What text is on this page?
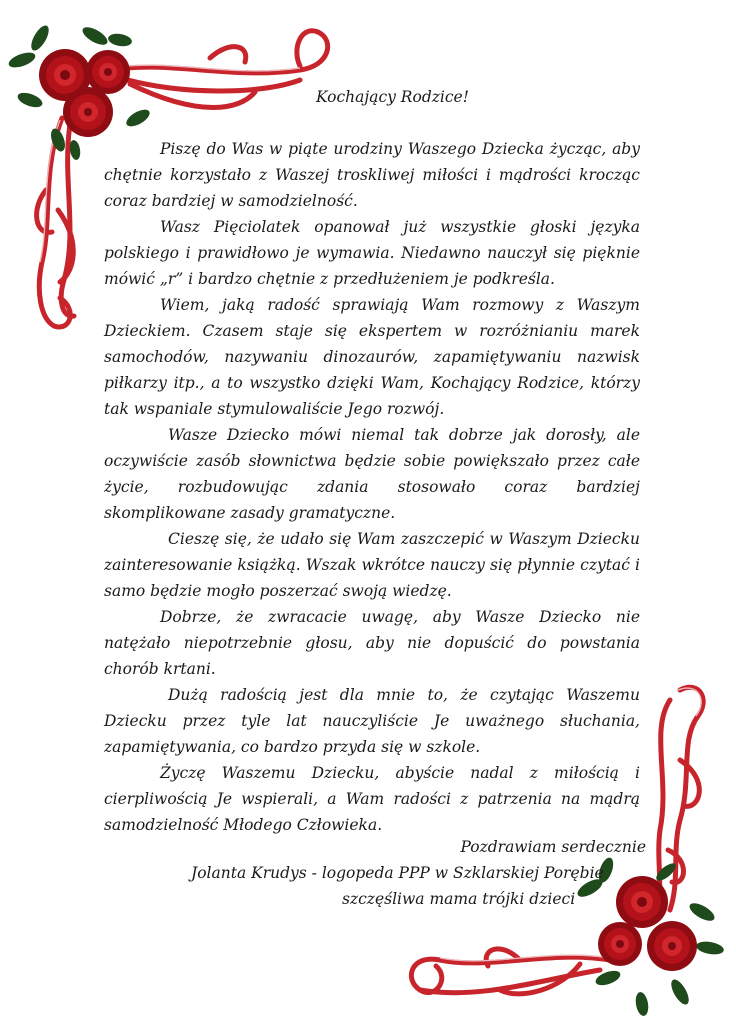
Kochający Rodzice!

Piszę do Was w piąte urodziny Waszego Dziecka życząc, aby chętnie korzystało z Waszej troskliwej miłości i mądrości krocząc coraz bardziej w samodzielność.

Wasz Pięciolatek opanował już wszystkie głoski języka polskiego i prawidłowo je wymawia. Niedawno nauczył się pięknie mówić „r” i bardzo chętnie z przedłużeniem je podkreśla.

Wiem, jaką radość sprawiają Wam rozmowy z Waszym Dzieckiem. Czasem staje się ekspertem w rozróżnianiu marek samochodów, nazywaniu dinozaurów, zapamiętywaniu nazwisk piłkarzy itp., a to wszystko dzięki Wam, Kochający Rodzice, którzy tak wspaniale stymulowaliście Jego rozwój.

Wasze Dziecko mówi niemal tak dobrze jak dorosły, ale oczywiście zasób słownictwa będzie sobie powiększało przez całe życie, rozbudowując zdania stosowało coraz bardziej skomplikowane zasady gramatyczne.

Cieszę się, że udało się Wam zaszczepić w Waszym Dziecku zainteresowanie książką. Wszak wkrótce nauczy się płynnie czytać i samo będzie mogło poszerzać swoją wiedzę.

Dobrze, że zwracacie uwagę, aby Wasze Dziecko nie natężało niepotrzebnie głosu, aby nie dopuścić do powstania chorób krtani.

Dużą radością jest dla mnie to, że czytając Waszemu Dziecku przez tyle lat nauczyliście Je uważnego słuchania, zapamiętywania, co bardzo przyda się w szkole.

Życzę Waszemu Dziecku, abyście nadal z miłością i cierpliwością Je wspierali, a Wam radości z patrzenia na mądrą samodzielność Młodego Człowieka.

Pozdrawiam serdecznie
Jolanta Krudys - logopeda PPP w Szklarskiej Porębie
szczęśliwa mama trójki dzieci
